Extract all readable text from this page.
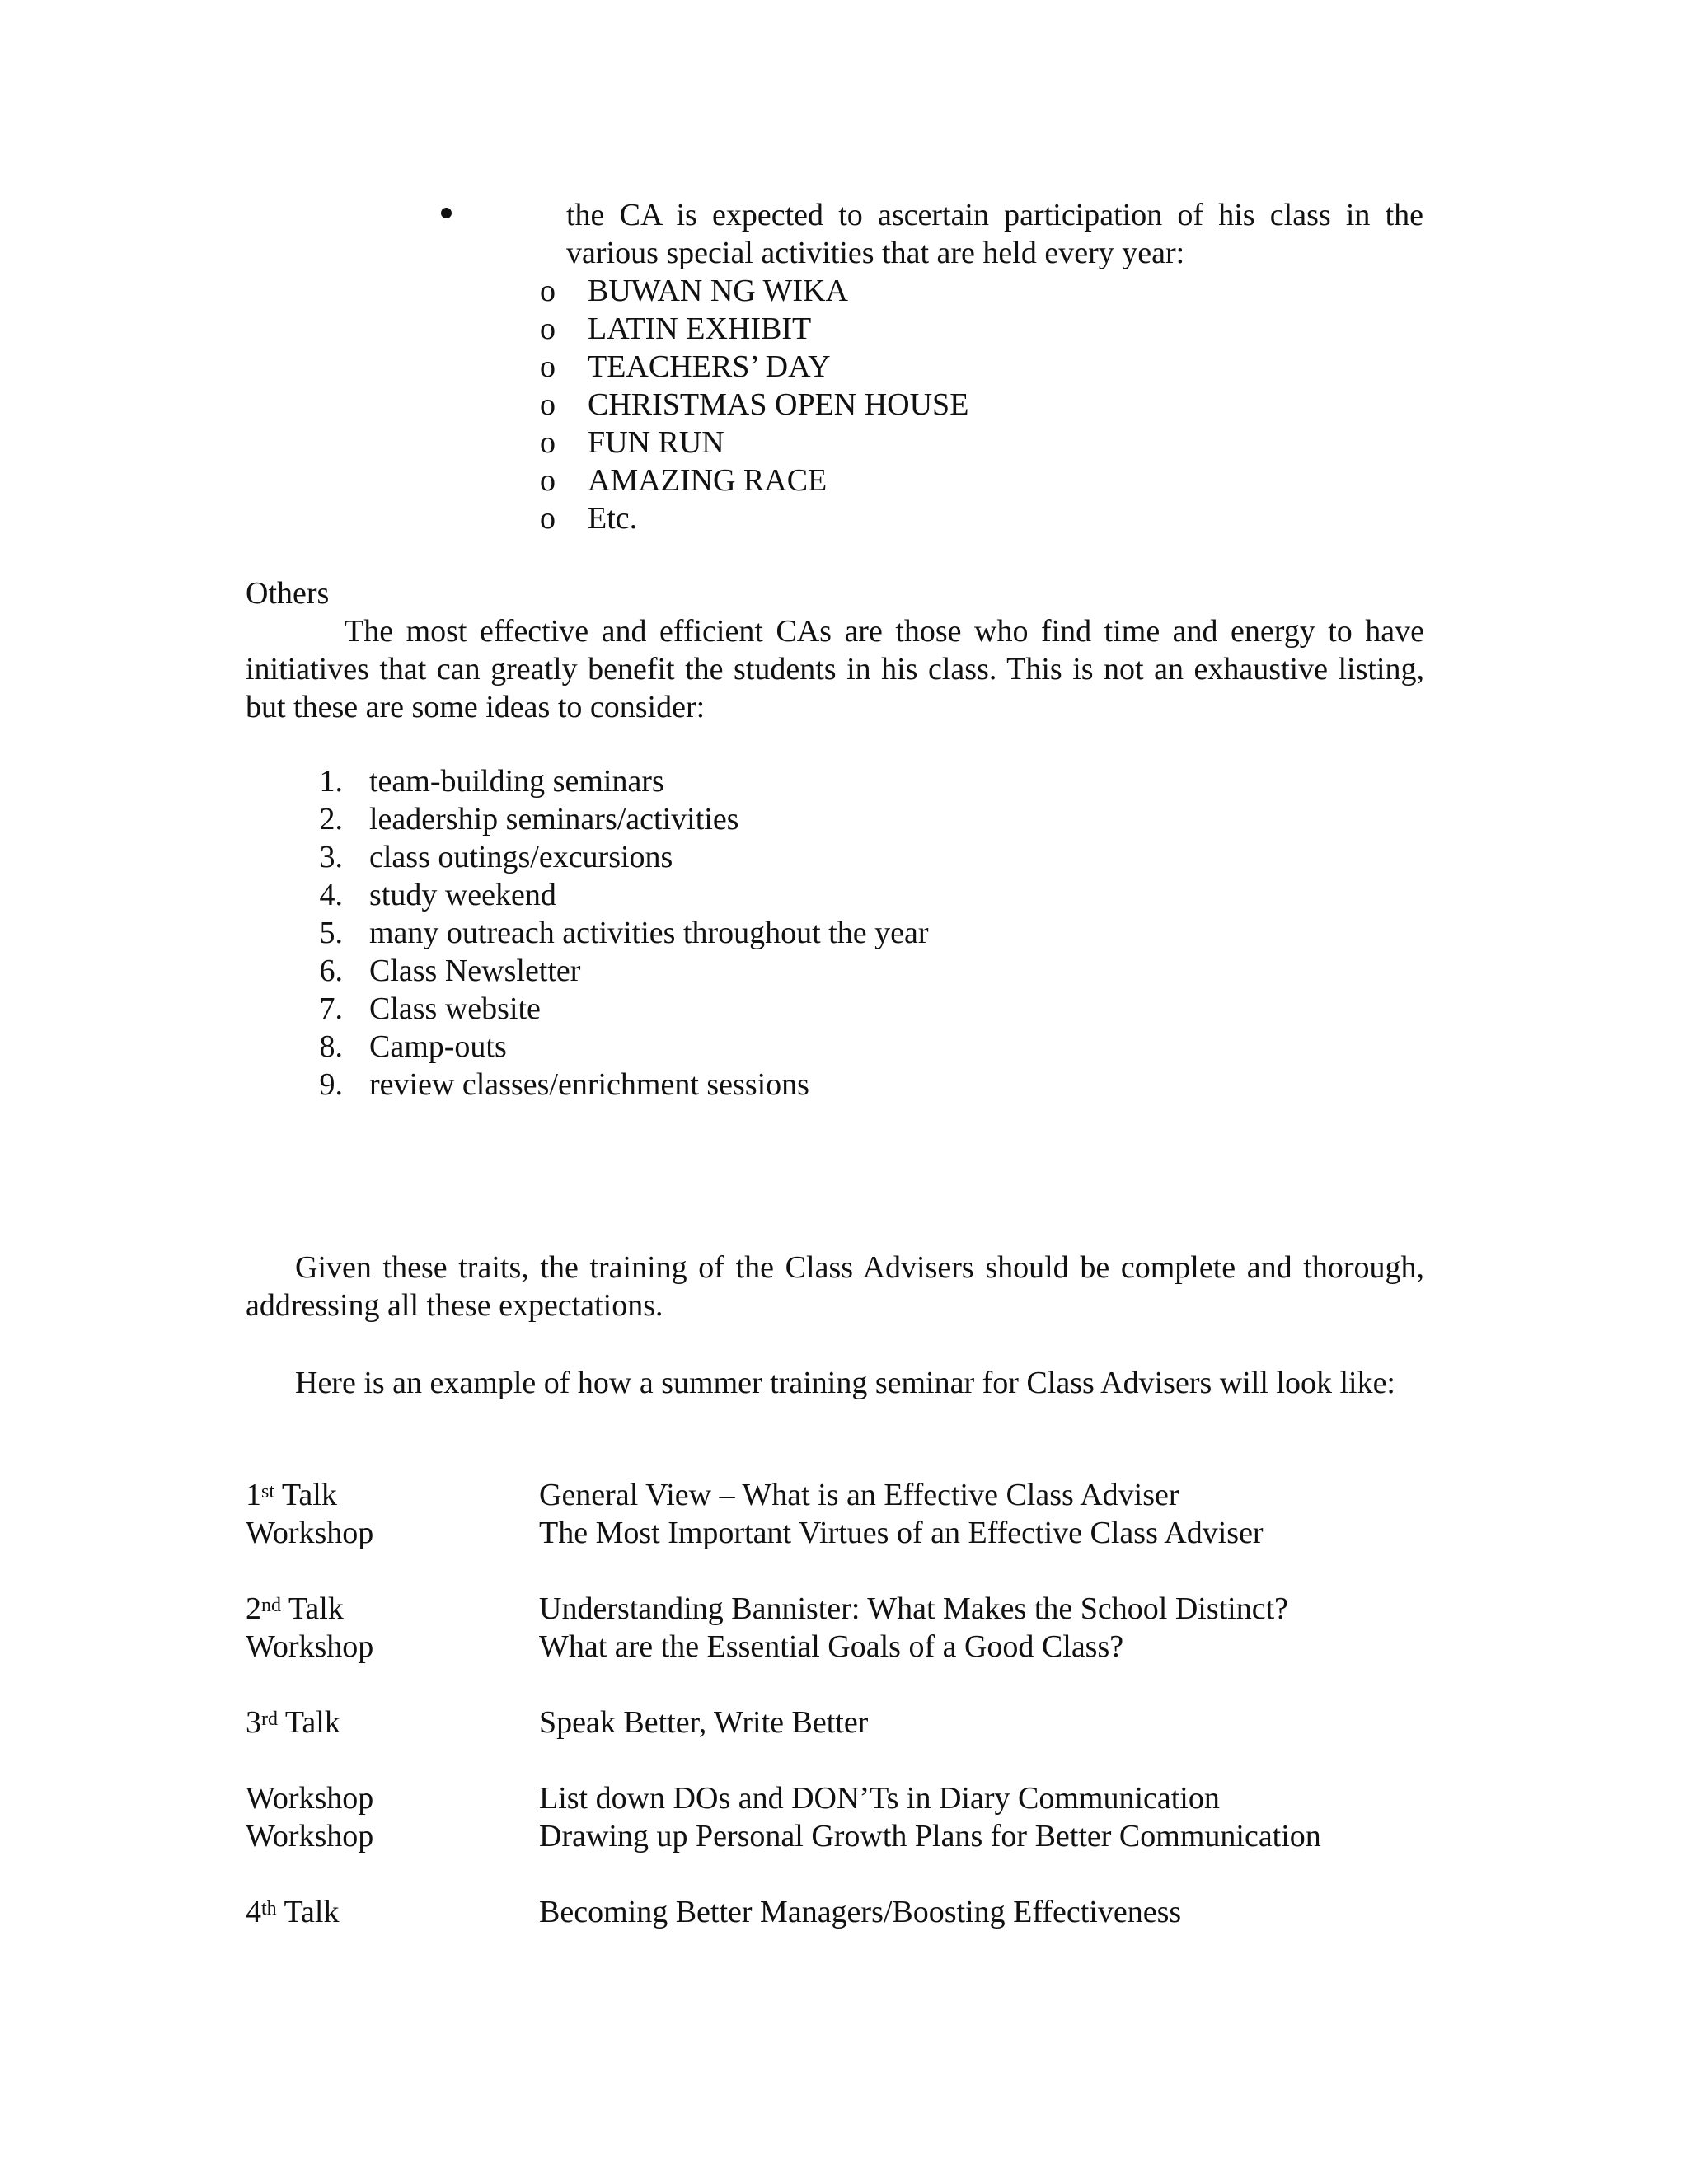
the CA is expected to ascertain participation of his class in the various special activities that are held every year:
o BUWAN NG WIKA
o LATIN EXHIBIT
o TEACHERS’ DAY
o CHRISTMAS OPEN HOUSE
o FUN RUN
o AMAZING RACE
o Etc.
Others
The most effective and efficient CAs are those who find time and energy to have initiatives that can greatly benefit the students in his class. This is not an exhaustive listing, but these are some ideas to consider:
1. team-building seminars
2. leadership seminars/activities
3. class outings/excursions
4. study weekend
5. many outreach activities throughout the year
6. Class Newsletter
7. Class website
8. Camp-outs
9. review classes/enrichment sessions
Given these traits, the training of the Class Advisers should be complete and thorough, addressing all these expectations.
Here is an example of how a summer training seminar for Class Advisers will look like:
1st Talk	General View – What is an Effective Class Adviser
Workshop	The Most Important Virtues of an Effective Class Adviser
2nd Talk	Understanding Bannister: What Makes the School Distinct?
Workshop	What are the Essential Goals of a Good Class?
3rd Talk	Speak Better, Write Better
Workshop	List down DOs and DON’Ts in Diary Communication
Workshop	Drawing up Personal Growth Plans for Better Communication
4th Talk	Becoming Better Managers/Boosting Effectiveness
